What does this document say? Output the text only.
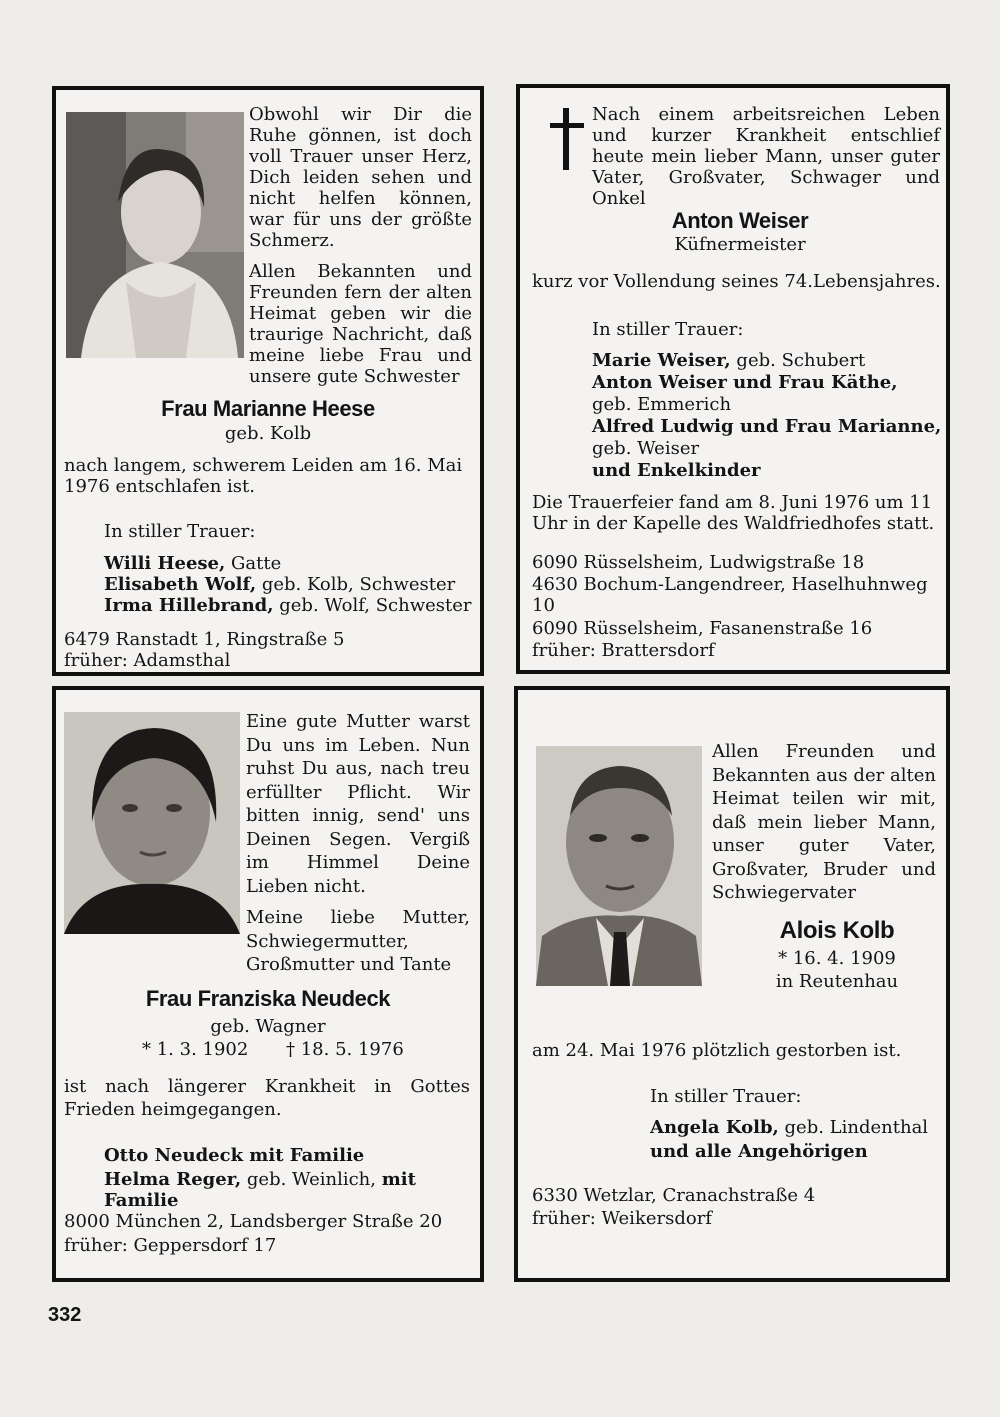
Obwohl wir Dir die Ruhe gönnen, ist doch voll Trauer unser Herz, Dich leiden sehen und nicht helfen können, war für uns der größte Schmerz.

Allen Bekannten und Freunden fern der alten Heimat geben wir die traurige Nachricht, daß meine liebe Frau und unsere gute Schwester

Frau Marianne Heese
geb. Kolb

nach langem, schwerem Leiden am 16. Mai 1976 entschlafen ist.

In stiller Trauer:
Willi Heese, Gatte
Elisabeth Wolf, geb. Kolb, Schwester
Irma Hillebrand, geb. Wolf, Schwester
6479 Ranstadt 1, Ringstraße 5
früher: Adamsthal

Nach einem arbeitsreichen Leben und kurzer Krankheit entschlief heute mein lieber Mann, unser guter Vater, Großvater, Schwager und Onkel

Anton Weiser
Küfnermeister

kurz vor Vollendung seines 74.Lebensjahres.

In stiller Trauer:
Marie Weiser, geb. Schubert
Anton Weiser und Frau Käthe,
geb. Emmerich
Alfred Ludwig und Frau Marianne,
geb. Weiser
und Enkelkinder

Die Trauerfeier fand am 8. Juni 1976 um 11 Uhr in der Kapelle des Waldfriedhofes statt.

6090 Rüsselsheim, Ludwigstraße 18

4630 Bochum-Langendreer, Haselhuhnweg 10

6090 Rüsselsheim, Fasanenstraße 16
früher: Brattersdorf

Eine gute Mutter warst Du uns im Leben. Nun ruhst Du aus, nach treu erfüllter Pflicht. Wir bitten innig, send' uns Deinen Segen. Vergiß im Himmel Deine Lieben nicht.

Meine liebe Mutter, Schwiegermutter, Großmutter und Tante

Frau Franziska Neudeck
geb. Wagner
* 1. 3. 1902 † 18. 5. 1976

ist nach längerer Krankheit in Gottes Frieden heimgegangen.

Otto Neudeck mit Familie
Helma Reger, geb. Weinlich, mit Familie
8000 München 2, Landsberger Straße 20
früher: Geppersdorf 17

Allen Freunden und Bekannten aus der alten Heimat teilen wir mit, daß mein lieber Mann, unser guter Vater, Großvater, Bruder und Schwiegervater

Alois Kolb
* 16. 4. 1909
in Reutenhau

am 24. Mai 1976 plötzlich gestorben ist.

In stiller Trauer:
Angela Kolb, geb. Lindenthal
und alle Angehörigen
6330 Wetzlar, Cranachstraße 4
früher: Weikersdorf
332
